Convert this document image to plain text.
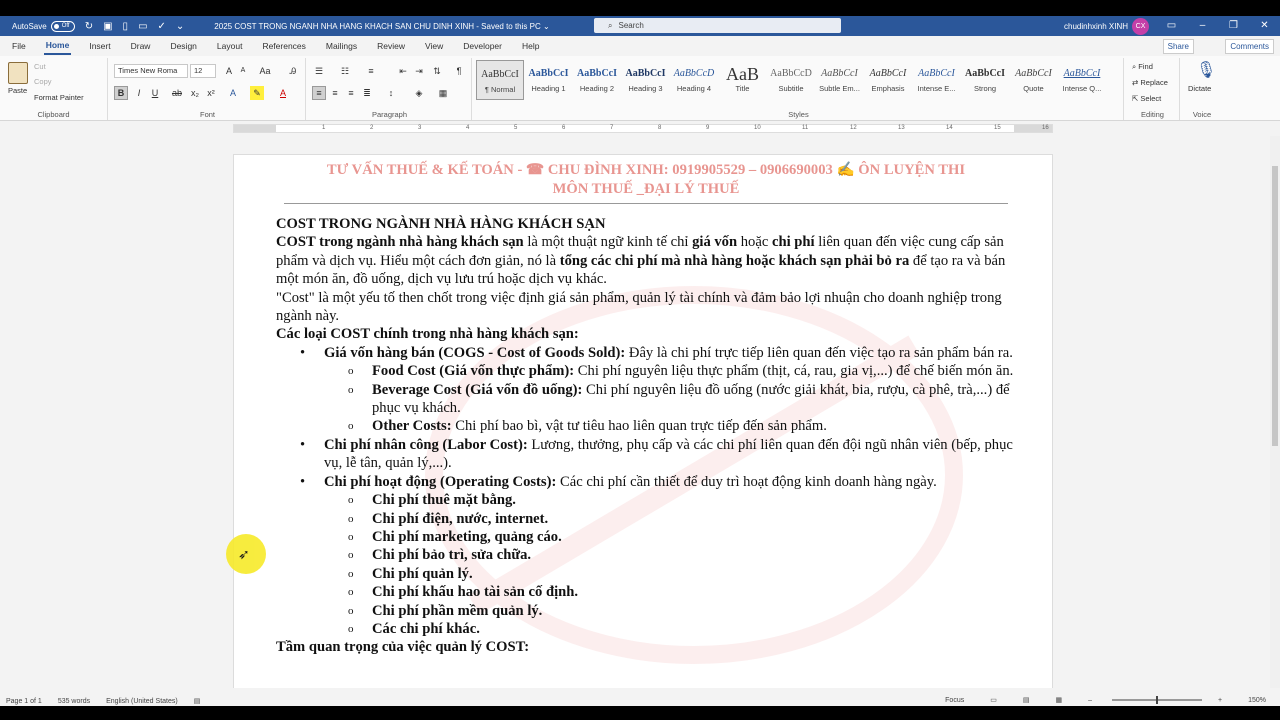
AutoSave	Off	↻ ▣ ▯ ▭ ✓ ⌄	2025 COST TRONG NGANH NHA HANG KHACH SAN CHU DINH XINH - Saved to this PC ⌄	⌕ Search	chudinhxinh XINH	CX	▭	–	❐	✕
File Home Insert Draw Design Layout References Mailings Review View Developer Help	Share	Comments
Paste
Cut
Copy
Format Painter
Clipboard
Times New Roma	12	A	A	Aa	Ꭿ
B	I	U	ab	x₂ x²	A	✎	A
Font
☰	☷	≡	⇤ ⇥	⇅	¶
≡	≡	≡	≣	↕	◈	▦
Paragraph
AaBbCcI
¶ Normal
AaBbCcI
Heading 1
AaBbCcI
Heading 2
AaBbCcI
Heading 3
AaBbCcD
Heading 4
AaB
Title
AaBbCcD
Subtitle
AaBbCcI
Subtle Em...
AaBbCcI
Emphasis
AaBbCcI
Intense E...
AaBbCcI
Strong
AaBbCcI
Quote
AaBbCcI
Intense Q...
Styles
⌕ Find
⇄ Replace
⇱ Select
Editing
🎙
Dictate
Voice
1	2	3	4	5	6	7	8	9	10	11	12	13	14	15	16
TƯ VẤN THUẾ & KẾ TOÁN - ☎ CHU ĐÌNH XINH: 0919905529 – 0906690003 ✍ ÔN LUYỆN THI
MÔN THUẾ _ĐẠI LÝ THUẾ

COST TRONG NGÀNH NHÀ HÀNG KHÁCH SẠN

COST trong ngành nhà hàng khách sạn là một thuật ngữ kinh tế chỉ giá vốn hoặc chi phí liên quan đến việc cung cấp sản phẩm và dịch vụ. Hiểu một cách đơn giản, nó là tổng các chi phí mà nhà hàng hoặc khách sạn phải bỏ ra để tạo ra và bán một món ăn, đồ uống, dịch vụ lưu trú hoặc dịch vụ khác.

"Cost" là một yếu tố then chốt trong việc định giá sản phẩm, quản lý tài chính và đảm bảo lợi nhuận cho doanh nghiệp trong ngành này.

Các loại COST chính trong nhà hàng khách sạn:

• Giá vốn hàng bán (COGS - Cost of Goods Sold): Đây là chi phí trực tiếp liên quan đến việc tạo ra sản phẩm bán ra.

o Food Cost (Giá vốn thực phẩm): Chi phí nguyên liệu thực phẩm (thịt, cá, rau, gia vị,...) để chế biến món ăn.

o Beverage Cost (Giá vốn đồ uống): Chi phí nguyên liệu đồ uống (nước giải khát, bia, rượu, cà phê, trà,...) để phục vụ khách.

o Other Costs: Chi phí bao bì, vật tư tiêu hao liên quan trực tiếp đến sản phẩm.

• Chi phí nhân công (Labor Cost): Lương, thưởng, phụ cấp và các chi phí liên quan đến đội ngũ nhân viên (bếp, phục vụ, lễ tân, quản lý,...).

• Chi phí hoạt động (Operating Costs): Các chi phí cần thiết để duy trì hoạt động kinh doanh hàng ngày.

o Chi phí thuê mặt bằng.

o Chi phí điện, nước, internet.

o Chi phí marketing, quảng cáo.

o Chi phí bảo trì, sửa chữa.

o Chi phí quản lý.

o Chi phí khấu hao tài sản cố định.

o Chi phí phần mềm quản lý.

o Các chi phí khác.

Tầm quan trọng của việc quản lý COST:

➶
Page 1 of 1 535 words English (United States) ▤	Focus	▭	▤	▦	–	+	150%
